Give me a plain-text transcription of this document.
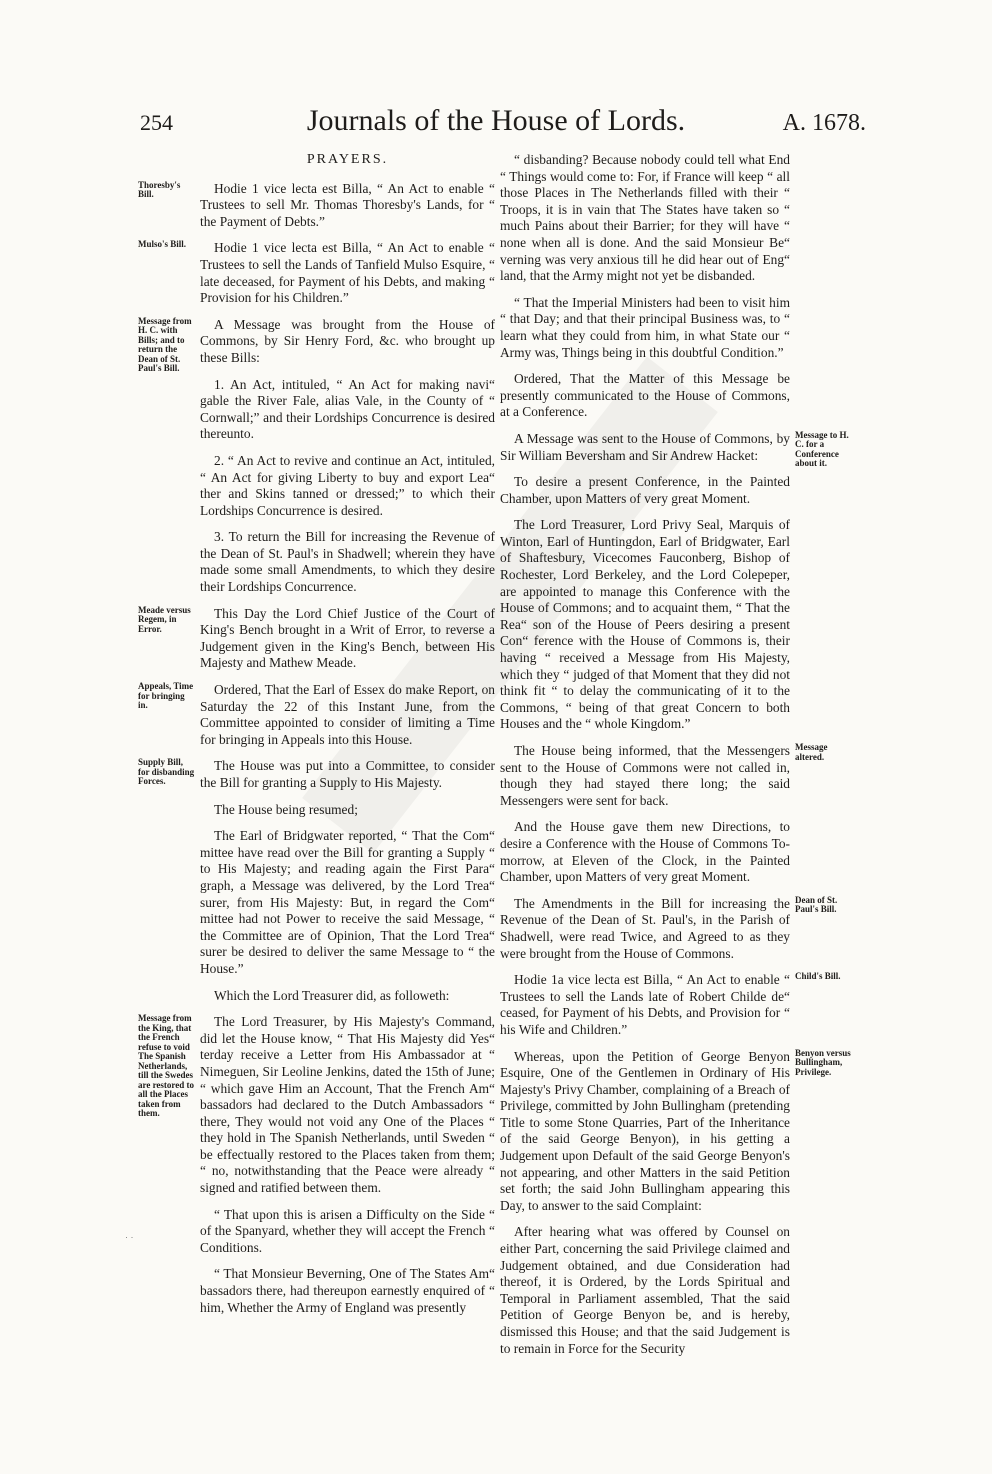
254	Journals of the House of Lords.	A. 1678.
PRAYERS.
Thoresby's Bill.	Hodie 1 vice lecta est Billa, “ An Act to enable “ Trustees to sell Mr. Thomas Thoresby's Lands, for “ the Payment of Debts.”

Mulso's Bill.	Hodie 1 vice lecta est Billa, “ An Act to enable “ Trustees to sell the Lands of Tanfield Mulso Esquire, “ late deceased, for Payment of his Debts, and making “ Provision for his Children.”

Message from H. C. with Bills; and to return the Dean of St. Paul's Bill.

A Message was brought from the House of Commons, by Sir Henry Ford, &c. who brought up these Bills:

1. An Act, intituled, “ An Act for making navi“ gable the River Fale, alias Vale, in the County of “ Cornwall;” and their Lordships Concurrence is desired thereunto.

2. “ An Act to revive and continue an Act, intituled, “ An Act for giving Liberty to buy and export Lea“ ther and Skins tanned or dressed;” to which their Lordships Concurrence is desired.

3. To return the Bill for increasing the Revenue of the Dean of St. Paul's in Shadwell; wherein they have made some small Amendments, to which they desire their Lordships Concurrence.

Meade versus Regem, in Error.

This Day the Lord Chief Justice of the Court of King's Bench brought in a Writ of Error, to reverse a Judgement given in the King's Bench, between His Majesty and Mathew Meade.

Appeals, Time for bringing in.

Ordered, That the Earl of Essex do make Report, on Saturday the 22 of this Instant June, from the Committee appointed to consider of limiting a Time for bringing in Appeals into this House.

Supply Bill, for disbanding Forces.

The House was put into a Committee, to consider the Bill for granting a Supply to His Majesty.

The House being resumed;

The Earl of Bridgwater reported, “ That the Com“ mittee have read over the Bill for granting a Supply “ to His Majesty; and reading again the First Para“ graph, a Message was delivered, by the Lord Trea“ surer, from His Majesty: But, in regard the Com“ mittee had not Power to receive the said Message, “ the Committee are of Opinion, That the Lord Trea“ surer be desired to deliver the same Message to “ the House.”

Which the Lord Treasurer did, as followeth:

Message from the King, that the French refuse to void The Spanish Netherlands, till the Swedes are restored to all the Places taken from them.

The Lord Treasurer, by His Majesty's Command, did let the House know, “ That His Majesty did Yes“ terday receive a Letter from His Ambassador at “ Nimeguen, Sir Leoline Jenkins, dated the 15th of June; “ which gave Him an Account, That the French Am“ bassadors had declared to the Dutch Ambassadors “ there, They would not void any One of the Places “ they hold in The Spanish Netherlands, until Sweden “ be effectually restored to the Places taken from them; “ no, notwithstanding that the Peace were already “ signed and ratified between them.

“ That upon this is arisen a Difficulty on the Side “ of the Spanyard, whether they will accept the French “ Conditions.

“ That Monsieur Beverning, One of The States Am“ bassadors there, had thereupon earnestly enquired of “ him, Whether the Army of England was presently

“ disbanding? Because nobody could tell what End “ Things would come to: For, if France will keep “ all those Places in The Netherlands filled with their “ Troops, it is in vain that The States have taken so “ much Pains about their Barrier; for they will have “ none when all is done. And the said Monsieur Be“ verning was very anxious till he did hear out of Eng“ land, that the Army might not yet be disbanded.

“ That the Imperial Ministers had been to visit him “ that Day; and that their principal Business was, to “ learn what they could from him, in what State our “ Army was, Things being in this doubtful Condition.”

Ordered, That the Matter of this Message be presently communicated to the House of Commons, at a Conference.

Message to H. C. for a Conference about it.

A Message was sent to the House of Commons, by Sir William Beversham and Sir Andrew Hacket:

To desire a present Conference, in the Painted Chamber, upon Matters of very great Moment.

The Lord Treasurer, Lord Privy Seal, Marquis of Winton, Earl of Huntingdon, Earl of Bridgwater, Earl of Shaftesbury, Vicecomes Fauconberg, Bishop of Rochester, Lord Berkeley, and the Lord Colepeper, are appointed to manage this Conference with the House of Commons; and to acquaint them, “ That the Rea“ son of the House of Peers desiring a present Con“ ference with the House of Commons is, their having “ received a Message from His Majesty, which they “ judged of that Moment that they did not think fit “ to delay the communicating of it to the Commons, “ being of that great Concern to both Houses and the “ whole Kingdom.”

Message altered.

The House being informed, that the Messengers sent to the House of Commons were not called in, though they had stayed there long; the said Messengers were sent for back.

And the House gave them new Directions, to desire a Conference with the House of Commons To-morrow, at Eleven of the Clock, in the Painted Chamber, upon Matters of very great Moment.

Dean of St. Paul's Bill.

The Amendments in the Bill for increasing the Revenue of the Dean of St. Paul's, in the Parish of Shadwell, were read Twice, and Agreed to as they were brought from the House of Commons.

Child's Bill.

Hodie 1a vice lecta est Billa, “ An Act to enable “ Trustees to sell the Lands late of Robert Childe de“ ceased, for Payment of his Debts, and Provision for “ his Wife and Children.”

Benyon versus Bullingham, Privilege.

Whereas, upon the Petition of George Benyon Esquire, One of the Gentlemen in Ordinary of His Majesty's Privy Chamber, complaining of a Breach of Privilege, committed by John Bullingham (pretending Title to some Stone Quarries, Part of the Inheritance of the said George Benyon), in his getting a Judgement upon Default of the said George Benyon's not appearing, and other Matters in the said Petition set forth; the said John Bullingham appearing this Day, to answer to the said Complaint:

After hearing what was offered by Counsel on either Part, concerning the said Privilege claimed and Judgement obtained, and due Consideration had thereof, it is Ordered, by the Lords Spiritual and Temporal in Parliament assembled, That the said Petition of George Benyon be, and is hereby, dismissed this House; and that the said Judgement is to remain in Force for the Security

· ·
